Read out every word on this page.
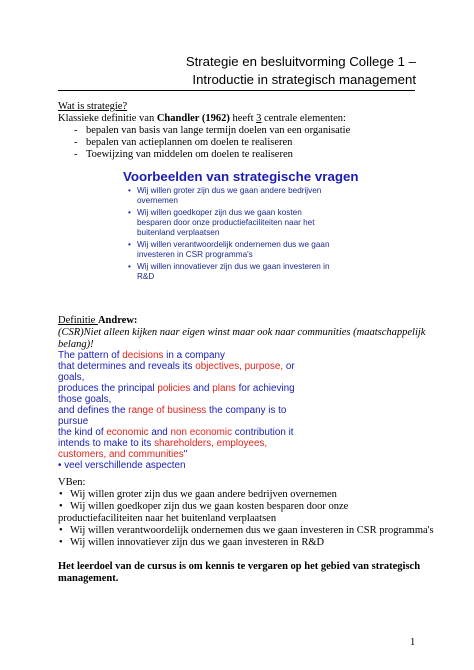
Strategie en besluitvorming College 1 –
Introductie in strategisch management
Wat is strategie?
Klassieke definitie van Chandler (1962) heeft 3 centrale elementen:
- bepalen van basis van lange termijn doelen van een organisatie
- bepalen van actieplannen om doelen te realiseren
- Toewijzing van middelen om doelen te realiseren
Voorbeelden van strategische vragen
• Wij willen groter zijn dus we gaan andere bedrijven
overnemen
• Wij willen goedkoper zijn dus we gaan kosten
besparen door onze productiefaciliteiten naar het
buitenland verplaatsen
• Wij willen verantwoordelijk ondernemen dus we gaan
investeren in CSR programma's
• Wij willen innovatiever zijn dus we gaan investeren in
R&D
Definitie Andrew:
(CSR)Niet alleen kijken naar eigen winst maar ook naar communities (maatschappelijk
belang)!
The pattern of decisions in a company
that determines and reveals its objectives, purpose, or
goals,
produces the principal policies and plans for achieving
those goals,
and defines the range of business the company is to
pursue
the kind of economic and non economic contribution it
intends to make to its shareholders, employees,
customers, and communities"
• veel verschillende aspecten
VBen:
• Wij willen groter zijn dus we gaan andere bedrijven overnemen
• Wij willen goedkoper zijn dus we gaan kosten besparen door onze
productiefaciliteiten naar het buitenland verplaatsen
• Wij willen verantwoordelijk ondernemen dus we gaan investeren in CSR programma's
• Wij willen innovatiever zijn dus we gaan investeren in R&D
Het leerdoel van de cursus is om kennis te vergaren op het gebied van strategisch
management.
1
